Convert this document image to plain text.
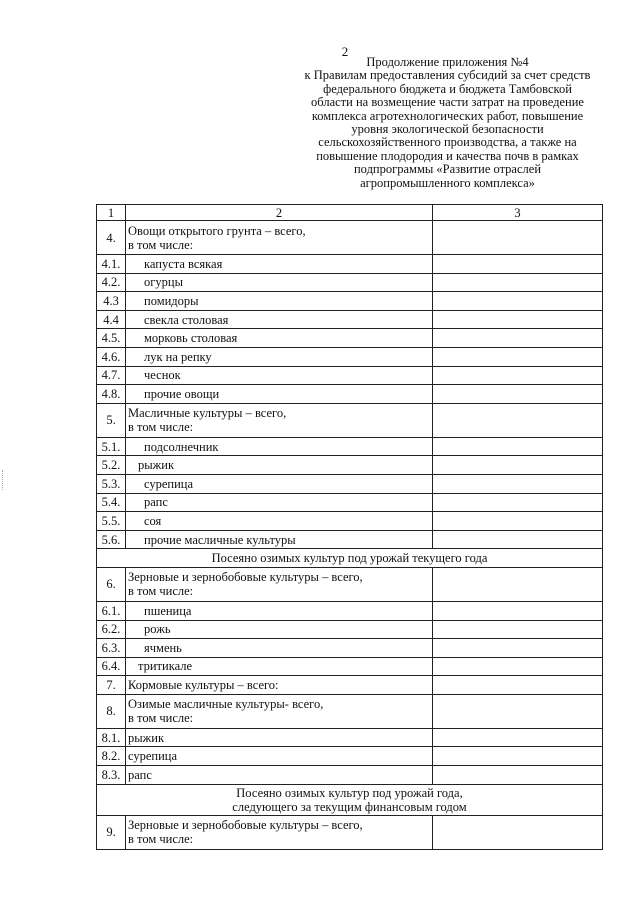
2
Продолжение приложения №4
к Правилам предоставления субсидий за счет средств
федерального бюджета и бюджета Тамбовской
области на возмещение части затрат на проведение
комплекса агротехнологических работ, повышение
уровня экологической безопасности
сельскохозяйственного производства, а также на
повышение плодородия и качества почв в рамках
подпрограммы «Развитие отраслей
агропромышленного комплекса»
1	2	3
4.	Овощи открытого грунта – всего,
в том числе:	

4.1.	капуста всякая	

4.2.	огурцы	

4.3	помидоры	

4.4	свекла столовая	

4.5.	морковь столовая	

4.6.	лук на репку	

4.7.	чеснок	

4.8.	прочие овощи	

5.	Масличные культуры – всего,
в том числе:	

5.1.	подсолнечник	

5.2.	рыжик	

5.3.	сурепица	

5.4.	рапс	

5.5.	соя	

5.6.	прочие масличные культуры	

Посеяно озимых культур под урожай текущего года		

6.	Зерновые и зернобобовые культуры – всего,
в том числе:	

6.1.	пшеница	

6.2.	рожь	

6.3.	ячмень	

6.4.	тритикале	

7.	Кормовые культуры – всего:	

8.	Озимые масличные культуры- всего,
в том числе:	

8.1.	рыжик	

8.2.	сурепица	

8.3.	рапс	

Посеяно озимых культур под урожай года,
следующего за текущим финансовым годом		

9.	Зерновые и зернобобовые культуры – всего,
в том числе:	
